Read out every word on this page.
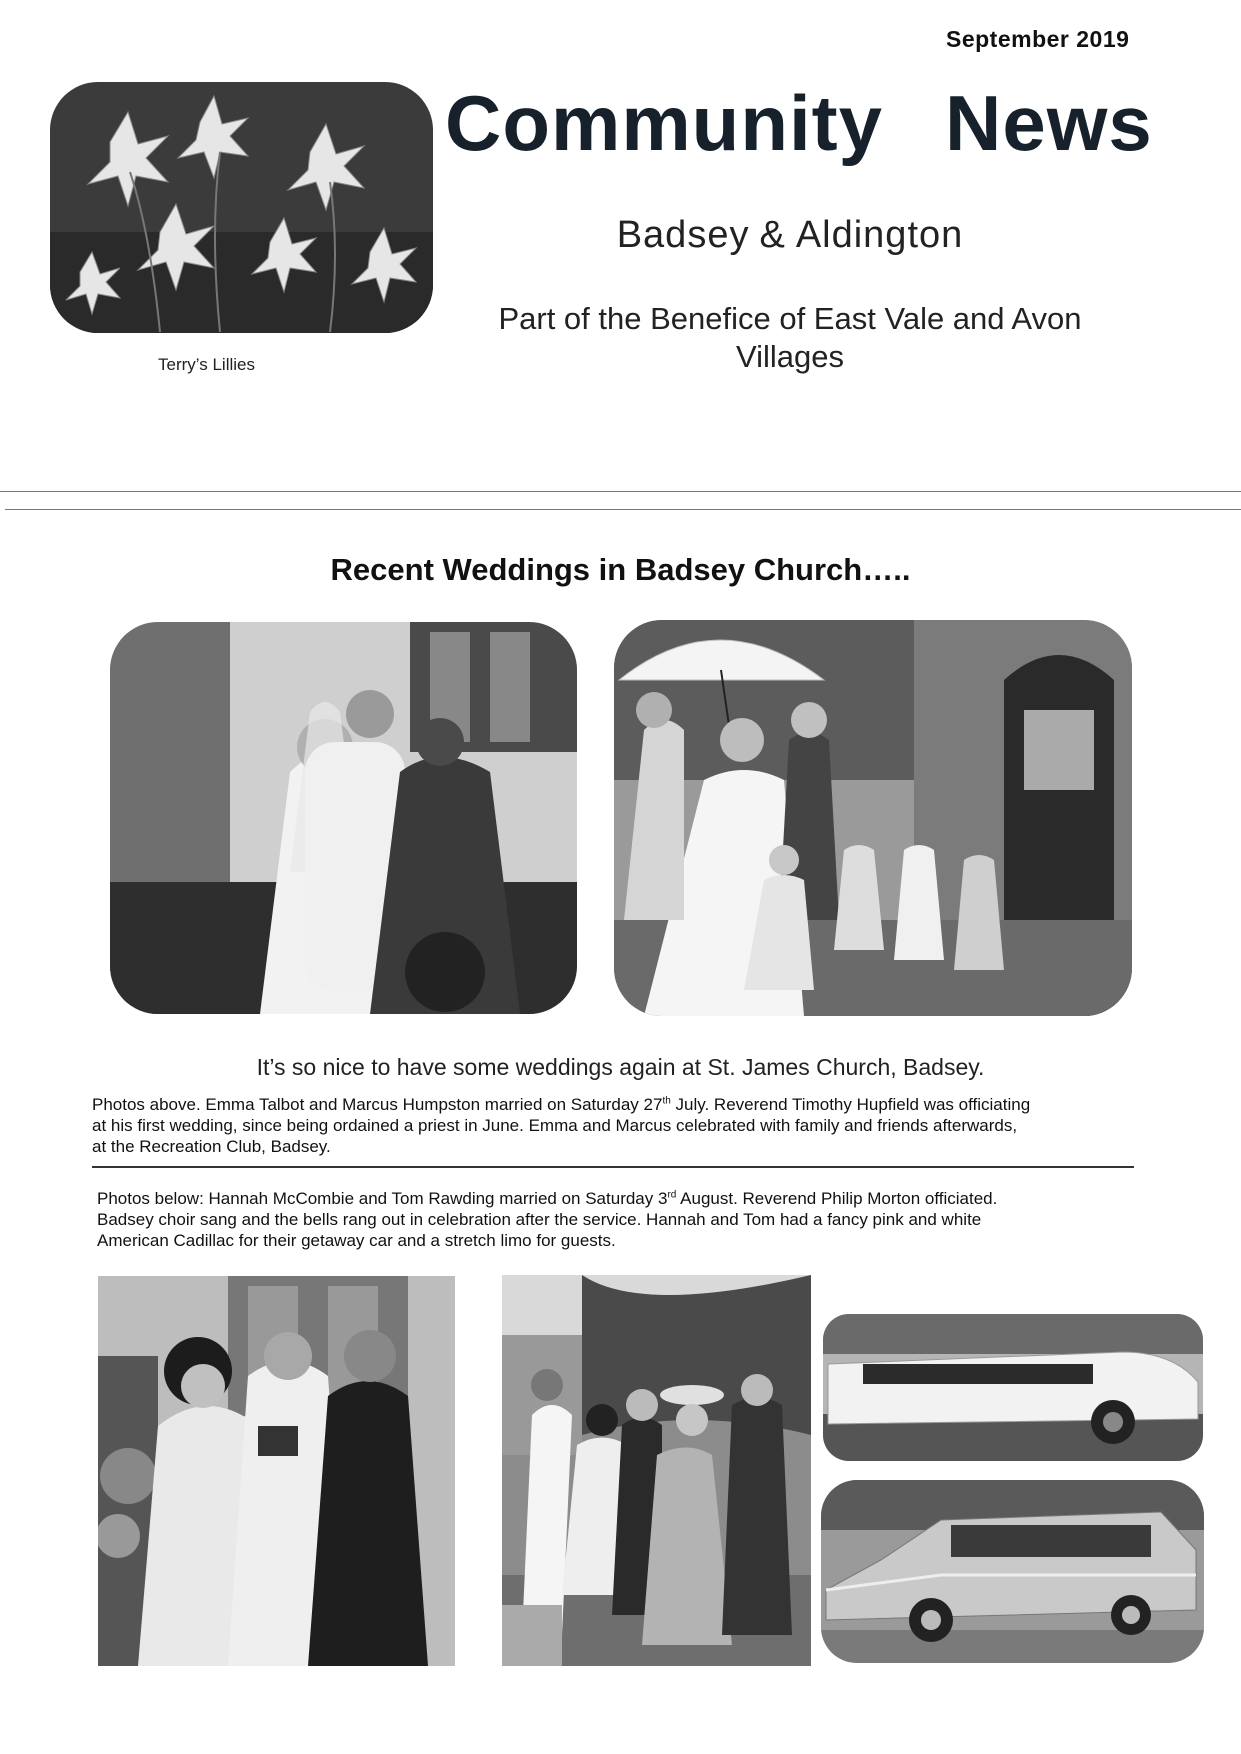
September 2019
Community News
Badsey & Aldington
Part of the Benefice of East Vale and Avon
Villages
Terry’s Lillies
Recent Weddings in Badsey Church…..
It’s so nice to have some weddings again at St. James Church, Badsey.
Photos above. Emma Talbot and Marcus Humpston married on Saturday 27th July. Reverend Timothy Hupfield was officiating
at his first wedding, since being ordained a priest in June. Emma and Marcus celebrated with family and friends afterwards,
at the Recreation Club, Badsey.
Photos below: Hannah McCombie and Tom Rawding married on Saturday 3rd August. Reverend Philip Morton officiated.
Badsey choir sang and the bells rang out in celebration after the service. Hannah and Tom had a fancy pink and white
American Cadillac for their getaway car and a stretch limo for guests.
